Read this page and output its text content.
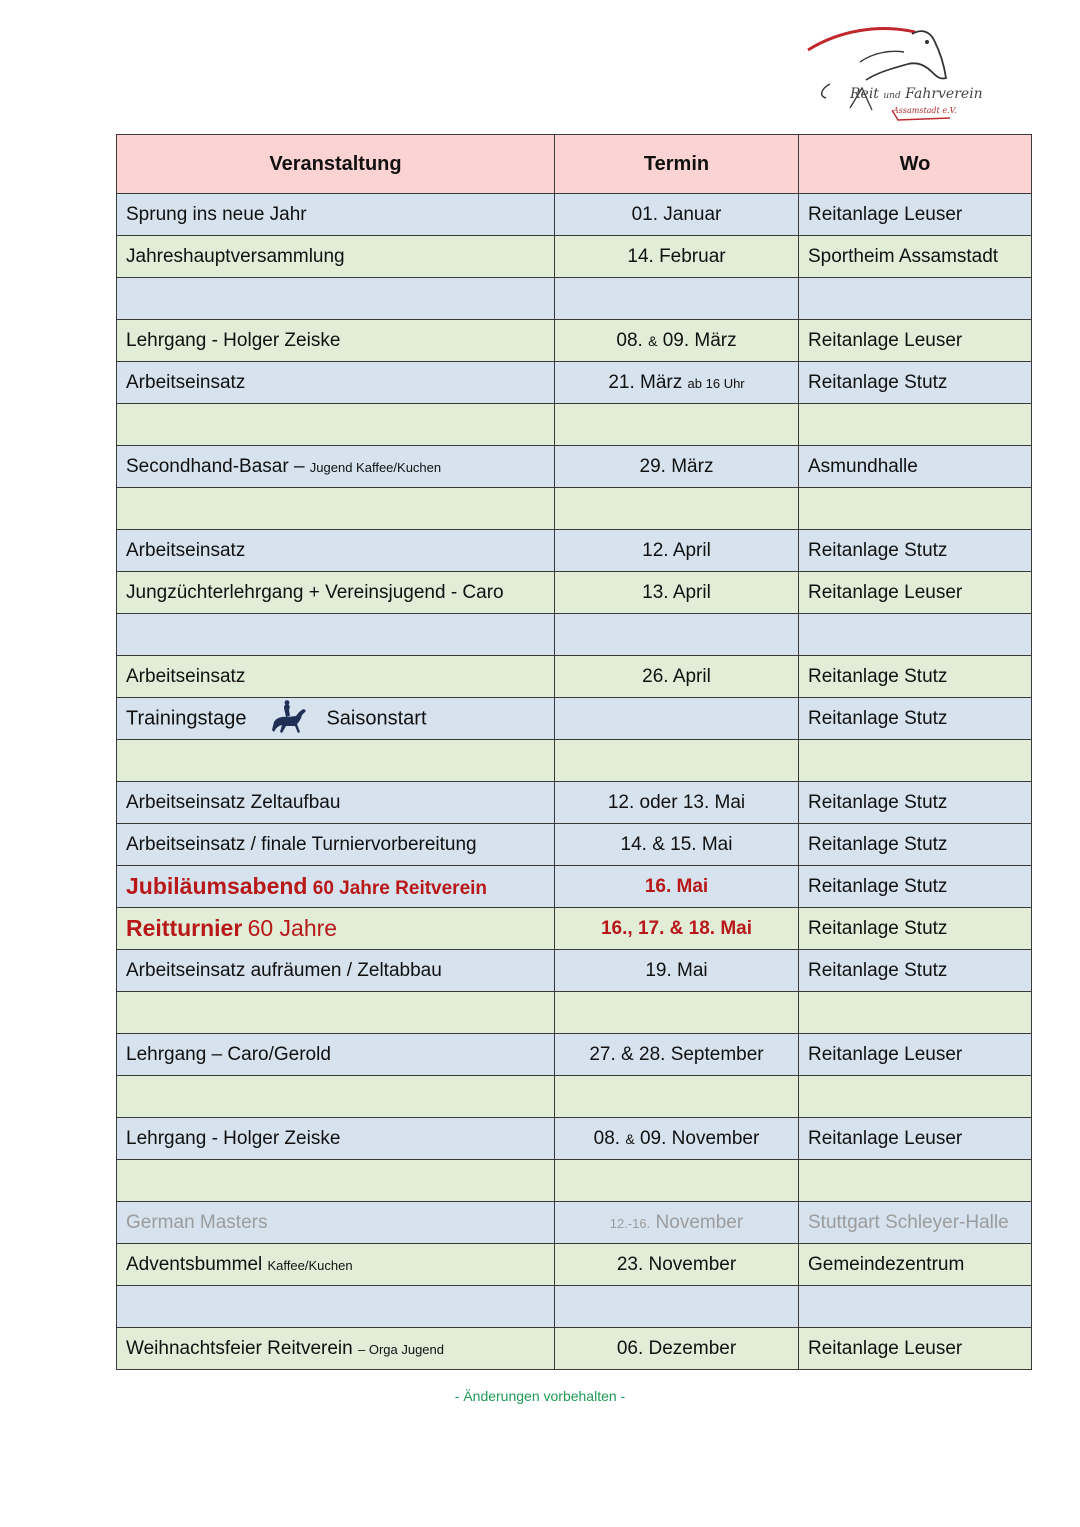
Reit und Fahrverein
Assamstadt e.V.
Veranstaltung	Termin	Wo
Sprung ins neue Jahr	01. Januar	Reitanlage Leuser
Jahreshauptversammlung	14. Februar	Sportheim Assamstadt

Lehrgang - Holger Zeiske	08. & 09. März	Reitanlage Leuser
Arbeitseinsatz	21. März ab 16 Uhr	Reitanlage Stutz

Secondhand-Basar – Jugend Kaffee/Kuchen	29. März	Asmundhalle

Arbeitseinsatz	12. April	Reitanlage Stutz
Jungzüchterlehrgang + Vereinsjugend - Caro	13. April	Reitanlage Leuser

Arbeitseinsatz	26. April	Reitanlage Stutz
Trainingstage Saisonstart		Reitanlage Stutz

Arbeitseinsatz Zeltaufbau	12. oder 13. Mai	Reitanlage Stutz
Arbeitseinsatz / finale Turniervorbereitung	14. & 15. Mai	Reitanlage Stutz
Jubiläumsabend 60 Jahre Reitverein	16. Mai	Reitanlage Stutz
Reitturnier 60 Jahre	16., 17. & 18. Mai	Reitanlage Stutz
Arbeitseinsatz aufräumen / Zeltabbau	19. Mai	Reitanlage Stutz

Lehrgang – Caro/Gerold	27. & 28. September	Reitanlage Leuser

Lehrgang - Holger Zeiske	08. & 09. November	Reitanlage Leuser

German Masters	12.-16. November	Stuttgart Schleyer-Halle
Adventsbummel Kaffee/Kuchen	23. November	Gemeindezentrum

Weihnachtsfeier Reitverein – Orga Jugend	06. Dezember	Reitanlage Leuser
- Änderungen vorbehalten -
